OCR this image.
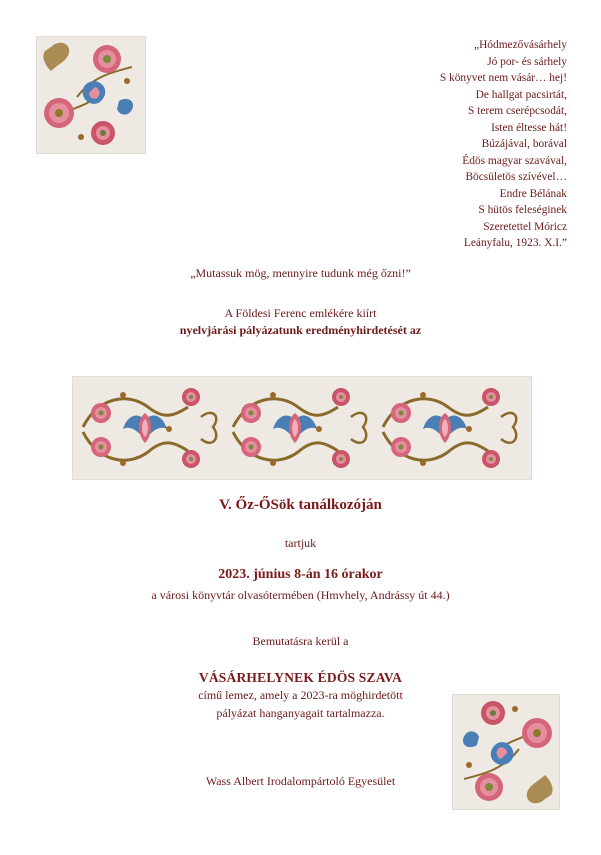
„Hódmezővásárhely
Jó por- és sárhely
S könyvet nem vásár… hej!
De hallgat pacsirtát,
S terem cserépcsodát,
Isten éltesse hát!
Búzájával, borával
Édös magyar szavával,
Böcsületös szívével…
Endre Bélának
S hütös feleséginek
Szeretettel Móricz
Leányfalu, 1923. X.I.”
„Mutassuk mög, mennyire tudunk még őzni!”
A Földesi Ferenc emlékére kiírt
nyelvjárási pályázatunk eredményhirdetését az
V. Őz-ŐSök tanálkozóján
tartjuk
2023. június 8-án 16 órakor
a városi könyvtár olvasótermében (Hmvhely, Andrássy út 44.)
Bemutatásra kerül a
VÁSÁRHELYNEK ÉDÖS SZAVA
című lemez, amely a 2023-ra möghirdetött
pályázat hanganyagait tartalmazza.
Wass Albert Irodalompártoló Egyesület
